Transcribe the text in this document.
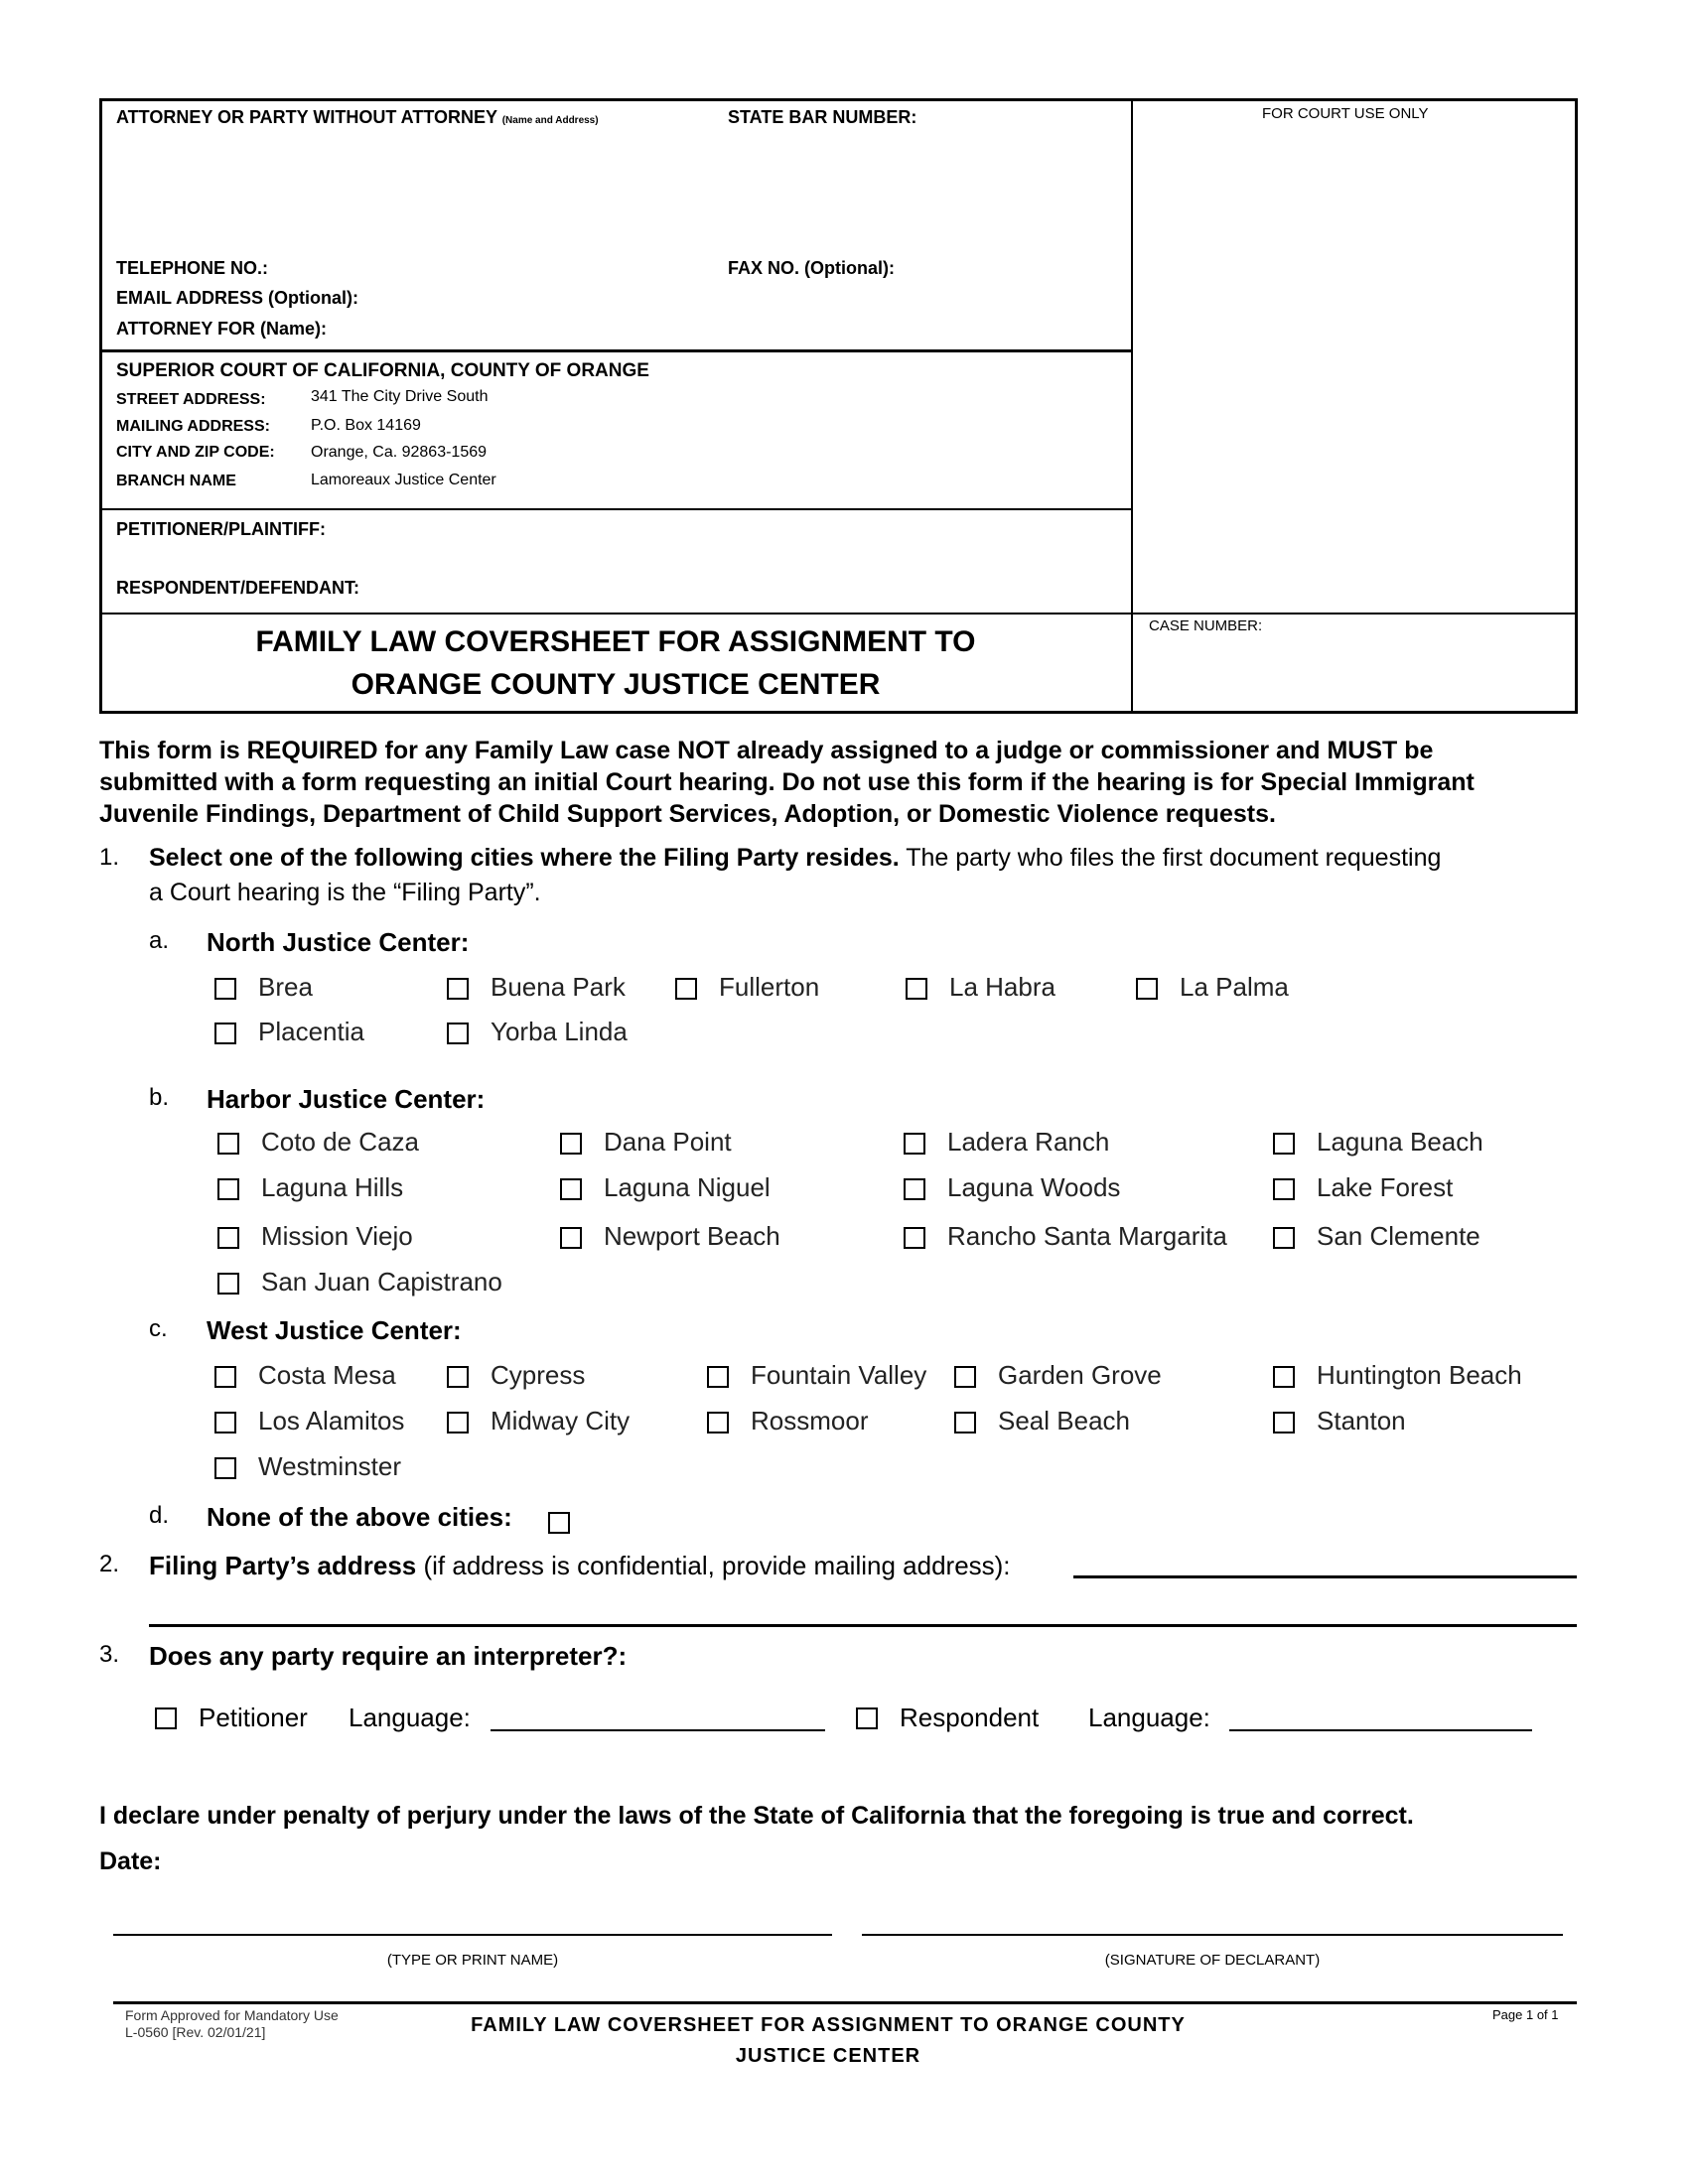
ATTORNEY OR PARTY WITHOUT ATTORNEY (Name and Address)	STATE BAR NUMBER:	FOR COURT USE ONLY
TELEPHONE NO.:	FAX NO. (Optional):
EMAIL ADDRESS (Optional):
ATTORNEY FOR (Name):
SUPERIOR COURT OF CALIFORNIA, COUNTY OF ORANGE
STREET ADDRESS:	341 The City Drive South
MAILING ADDRESS:	P.O. Box 14169
CITY AND ZIP CODE: Orange, Ca. 92863-1569
BRANCH NAME	Lamoreaux Justice Center
PETITIONER/PLAINTIFF:
RESPONDENT/DEFENDANT:
FAMILY LAW COVERSHEET FOR ASSIGNMENT TO
ORANGE COUNTY JUSTICE CENTER
CASE NUMBER:
This form is REQUIRED for any Family Law case NOT already assigned to a judge or commissioner and MUST be
submitted with a form requesting an initial Court hearing. Do not use this form if the hearing is for Special Immigrant
Juvenile Findings, Department of Child Support Services, Adoption, or Domestic Violence requests.
1. Select one of the following cities where the Filing Party resides. The party who files the first document requesting
a Court hearing is the “Filing Party”.
a. North Justice Center:
Brea	Buena Park	Fullerton	La Habra	La Palma
Placentia	Yorba Linda
b. Harbor Justice Center:
Coto de Caza	Dana Point	Ladera Ranch	Laguna Beach
Laguna Hills	Laguna Niguel	Laguna Woods	Lake Forest
Mission Viejo	Newport Beach	Rancho Santa Margarita	San Clemente
San Juan Capistrano
c. West Justice Center:
Costa Mesa	Cypress	Fountain Valley	Garden Grove	Huntington Beach
Los Alamitos	Midway City	Rossmoor	Seal Beach	Stanton
Westminster
d. None of the above cities:
2. Filing Party’s address (if address is confidential, provide mailing address):
3. Does any party require an interpreter?:
Petitioner Language:	Respondent Language:
I declare under penalty of perjury under the laws of the State of California that the foregoing is true and correct.
Date:
(TYPE OR PRINT NAME)	(SIGNATURE OF DECLARANT)
Form Approved for Mandatory Use
L-0560 [Rev. 02/01/21]	FAMILY LAW COVERSHEET FOR ASSIGNMENT TO ORANGE COUNTY
JUSTICE CENTER
Page 1 of 1
